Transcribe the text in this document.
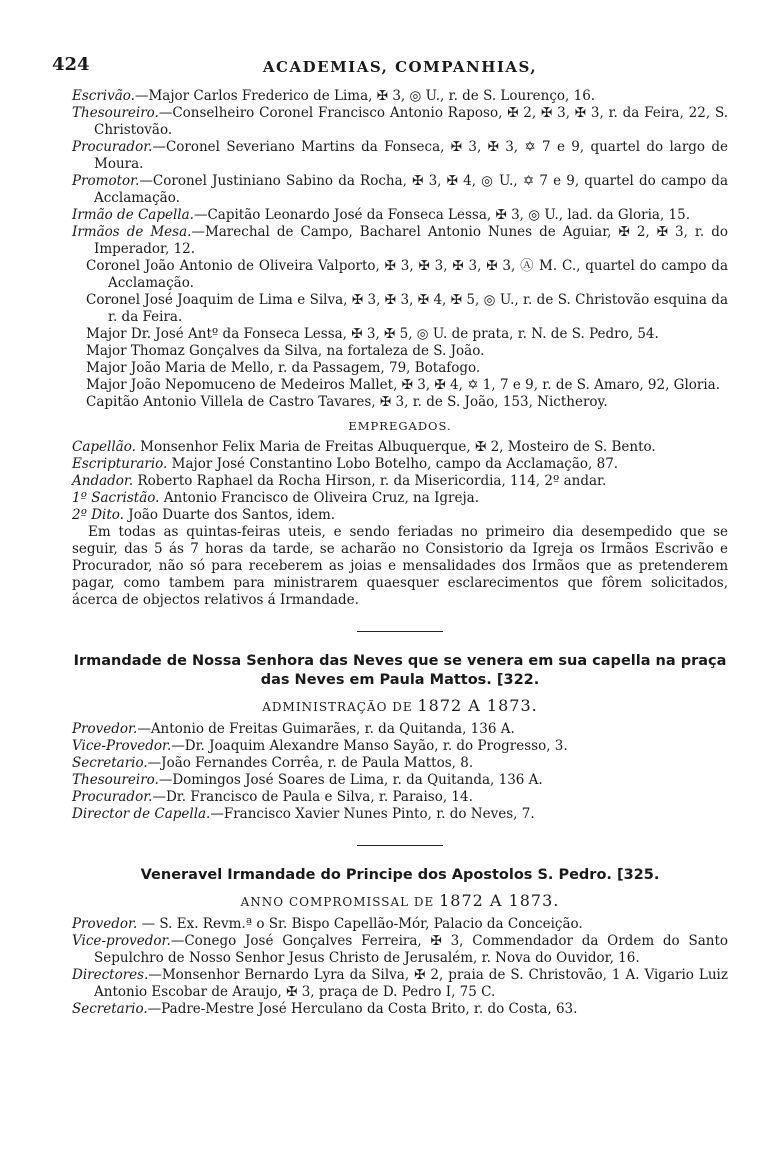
424	ACADEMIAS, COMPANHIAS,

Escrivão.—Major Carlos Frederico de Lima, ✠ 3, ◎ U., r. de S. Lourenço, 16.

Thesoureiro.—Conselheiro Coronel Francisco Antonio Raposo, ✠ 2, ✠ 3, ✠ 3, r. da Feira, 22, S. Christovão.

Procurador.—Coronel Severiano Martins da Fonseca, ✠ 3, ✠ 3, ✡ 7 e 9, quartel do largo de Moura.

Promotor.—Coronel Justiniano Sabino da Rocha, ✠ 3, ✠ 4, ◎ U., ✡ 7 e 9, quartel do campo da Acclamação.

Irmão de Capella.—Capitão Leonardo José da Fonseca Lessa, ✠ 3, ◎ U., lad. da Gloria, 15.

Irmãos de Mesa.—Marechal de Campo, Bacharel Antonio Nunes de Aguiar, ✠ 2, ✠ 3, r. do Imperador, 12.

Coronel João Antonio de Oliveira Valporto, ✠ 3, ✠ 3, ✠ 3, ✠ 3, Ⓐ M. C., quartel do campo da Acclamação.

Coronel José Joaquim de Lima e Silva, ✠ 3, ✠ 3, ✠ 4, ✠ 5, ◎ U., r. de S. Christovão esquina da r. da Feira.

Major Dr. José Antº da Fonseca Lessa, ✠ 3, ✠ 5, ◎ U. de prata, r. N. de S. Pedro, 54.

Major Thomaz Gonçalves da Silva, na fortaleza de S. João.

Major João Maria de Mello, r. da Passagem, 79, Botafogo.

Major João Nepomuceno de Medeiros Mallet, ✠ 3, ✠ 4, ✡ 1, 7 e 9, r. de S. Amaro, 92, Gloria.

Capitão Antonio Villela de Castro Tavares, ✠ 3, r. de S. João, 153, Nictheroy.

EMPREGADOS.

Capellão. Monsenhor Felix Maria de Freitas Albuquerque, ✠ 2, Mosteiro de S. Bento.

Escripturario. Major José Constantino Lobo Botelho, campo da Acclamação, 87.

Andador. Roberto Raphael da Rocha Hirson, r. da Misericordia, 114, 2º andar.

1º Sacristão. Antonio Francisco de Oliveira Cruz, na Igreja.

2º Dito. João Duarte dos Santos, idem.

Em todas as quintas-feiras uteis, e sendo feriadas no primeiro dia desempedido que se seguir, das 5 ás 7 horas da tarde, se acharão no Consistorio da Igreja os Irmãos Escrivão e Procurador, não só para receberem as joias e mensalidades dos Irmãos que as pretenderem pagar, como tambem para ministrarem quaesquer esclarecimentos que fôrem solicitados, ácerca de objectos relativos á Irmandade.

Irmandade de Nossa Senhora das Neves que se venera em sua capella na praça das Neves em Paula Mattos. [322.

ADMINISTRAÇÃO DE 1872 A 1873.

Provedor.—Antonio de Freitas Guimarães, r. da Quitanda, 136 A.

Vice-Provedor.—Dr. Joaquim Alexandre Manso Sayão, r. do Progresso, 3.

Secretario.—João Fernandes Corrêa, r. de Paula Mattos, 8.

Thesoureiro.—Domingos José Soares de Lima, r. da Quitanda, 136 A.

Procurador.—Dr. Francisco de Paula e Silva, r. Paraiso, 14.

Director de Capella.—Francisco Xavier Nunes Pinto, r. do Neves, 7.

Veneravel Irmandade do Principe dos Apostolos S. Pedro. [325.

ANNO COMPROMISSAL DE 1872 A 1873.

Provedor. — S. Ex. Revm.ª o Sr. Bispo Capellão-Mór, Palacio da Conceição.

Vice-provedor.—Conego José Gonçalves Ferreira, ✠ 3, Commendador da Ordem do Santo Sepulchro de Nosso Senhor Jesus Christo de Jerusalém, r. Nova do Ouvidor, 16.

Directores.—Monsenhor Bernardo Lyra da Silva, ✠ 2, praia de S. Christovão, 1 A. Vigario Luiz Antonio Escobar de Araujo, ✠ 3, praça de D. Pedro I, 75 C.

Secretario.—Padre-Mestre José Herculano da Costa Brito, r. do Costa, 63.
